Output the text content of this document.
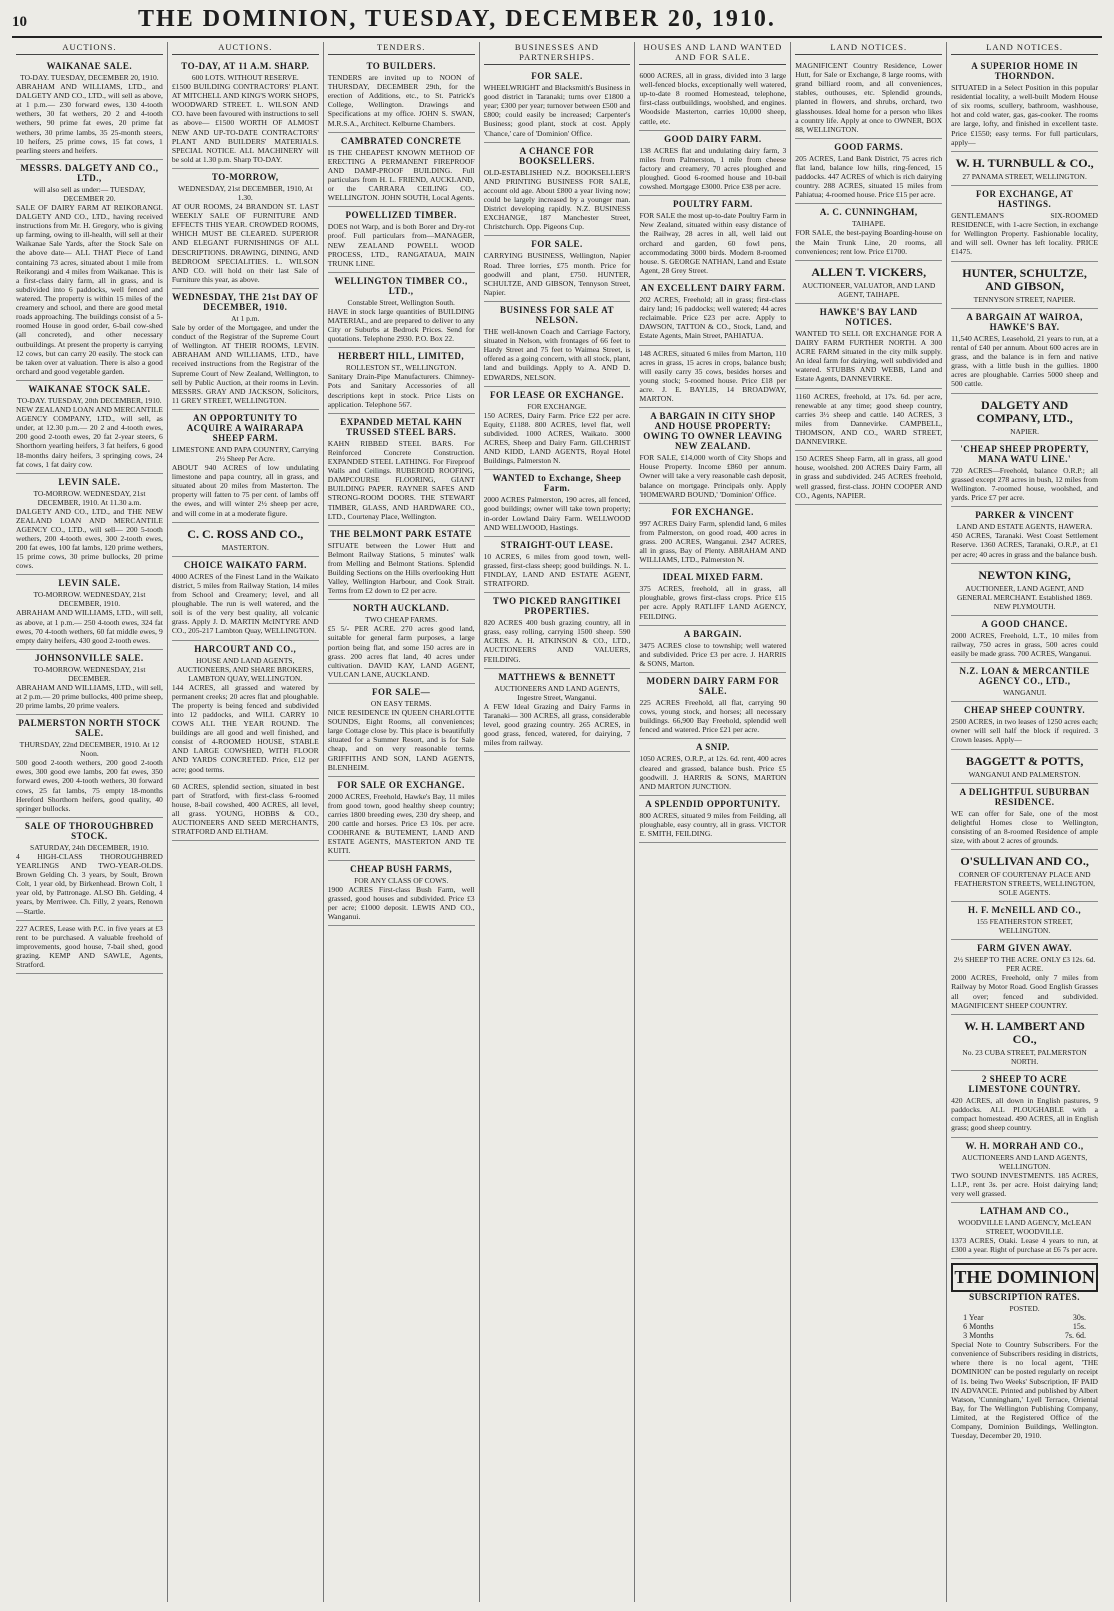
10	THE DOMINION, TUESDAY, DECEMBER 20, 1910.
AUCTIONS.
WAIKANAE SALE.
TO-DAY. TUESDAY, DECEMBER 20, 1910.
ABRAHAM AND WILLIAMS, LTD., and DALGETY AND CO., LTD., will sell as above, at 1 p.m.— 230 forward ewes, 130 4-tooth wethers, 30 fat wethers, 20 2 and 4-tooth wethers, 90 prime fat ewes, 20 prime fat wethers, 30 prime lambs, 35 25-month steers, 10 heifers, 25 prime cows, 15 fat cows, 1 pearling steers and heifers.
MESSRS. DALGETY AND CO., LTD.,
will also sell as under:— TUESDAY, DECEMBER 20.
SALE OF DAIRY FARM AT REIKORANGI. DALGETY AND CO., LTD., having received instructions from Mr. H. Gregory, who is giving up farming, owing to ill-health, will sell at their Waikanae Sale Yards, after the Stock Sale on the above date— ALL THAT Piece of Land containing 73 acres, situated about 1 mile from Reikorangi and 4 miles from Waikanae. This is a first-class dairy farm, all in grass, and is subdivided into 6 paddocks, well fenced and watered. The property is within 15 miles of the creamery and school, and there are good metal roads approaching. The buildings consist of a 5-roomed House in good order, 6-bail cow-shed (all concreted), and other necessary outbuildings. At present the property is carrying 12 cows, but can carry 20 easily. The stock can be taken over at valuation. There is also a good orchard and good vegetable garden.
WAIKANAE STOCK SALE.
TO-DAY. TUESDAY, 20th DECEMBER, 1910.
NEW ZEALAND LOAN AND MERCANTILE AGENCY COMPANY, LTD., will sell, as under, at 12.30 p.m.— 20 2 and 4-tooth ewes, 200 good 2-tooth ewes, 20 fat 2-year steers, 6 Shorthorn yearling heifers, 3 fat heifers, 6 good 18-months dairy heifers, 3 springing cows, 24 fat cows, 1 fat dairy cow.
LEVIN SALE.
TO-MORROW. WEDNESDAY, 21st DECEMBER, 1910. At 11.30 a.m.
DALGETY AND CO., LTD., and THE NEW ZEALAND LOAN AND MERCANTILE AGENCY CO., LTD., will sell— 200 5-tooth wethers, 200 4-tooth ewes, 300 2-tooth ewes, 200 fat ewes, 100 fat lambs, 120 prime wethers, 15 prime cows, 30 prime bullocks, 20 prime cows.
LEVIN SALE.
TO-MORROW. WEDNESDAY, 21st DECEMBER, 1910.
ABRAHAM AND WILLIAMS, LTD., will sell, as above, at 1 p.m.— 250 4-tooth ewes, 324 fat ewes, 70 4-tooth wethers, 60 fat middle ewes, 9 empty dairy heifers, 430 good 2-tooth ewes.
JOHNSONVILLE SALE.
TO-MORROW. WEDNESDAY, 21st DECEMBER.
ABRAHAM AND WILLIAMS, LTD., will sell, at 2 p.m.— 20 prime bullocks, 400 prime sheep, 20 prime lambs, 20 prime vealers.
PALMERSTON NORTH STOCK SALE.
THURSDAY, 22nd DECEMBER, 1910. At 12 Noon.
500 good 2-tooth wethers, 200 good 2-tooth ewes, 300 good ewe lambs, 200 fat ewes, 350 forward ewes, 200 4-tooth wethers, 30 forward cows, 25 fat lambs, 75 empty 18-months Hereford Shorthorn heifers, good quality, 40 springer bullocks.
SALE OF THOROUGHBRED STOCK.
SATURDAY, 24th DECEMBER, 1910.
4 HIGH-CLASS THOROUGHBRED YEARLINGS AND TWO-YEAR-OLDS. Brown Gelding Ch. 3 years, by Soult, Brown Colt, 1 year old, by Birkenhead. Brown Colt, 1 year old, by Pattronage. ALSO Bh. Gelding, 4 years, by Merriwee. Ch. Filly, 2 years, Renown—Startle.
227 ACRES, Lease with P.C. in five years at £3 rent to be purchased. A valuable freehold of improvements, good house, 7-bail shed, good grazing. KEMP AND SAWLE, Agents, Stratford.
AUCTIONS.
TO-DAY, AT 11 A.M. SHARP.
600 LOTS. WITHOUT RESERVE.
£1500 BUILDING CONTRACTORS' PLANT. AT MITCHELL AND KING'S WORK SHOPS, WOODWARD STREET. L. WILSON AND CO. have been favoured with instructions to sell as above— £1500 WORTH OF ALMOST NEW AND UP-TO-DATE CONTRACTORS' PLANT AND BUILDERS' MATERIALS. SPECIAL NOTICE. ALL MACHINERY will be sold at 1.30 p.m. Sharp TO-DAY.
TO-MORROW,
WEDNESDAY, 21st DECEMBER, 1910, At 1.30.
AT OUR ROOMS, 24 BRANDON ST. LAST WEEKLY SALE OF FURNITURE AND EFFECTS THIS YEAR. CROWDED ROOMS, WHICH MUST BE CLEARED. SUPERIOR AND ELEGANT FURNISHINGS OF ALL DESCRIPTIONS. DRAWING, DINING, AND BEDROOM SPECIALITIES. L. WILSON AND CO. will hold on their last Sale of Furniture this year, as above.
WEDNESDAY, THE 21st DAY OF DECEMBER, 1910.
At 1 p.m.
Sale by order of the Mortgagee, and under the conduct of the Registrar of the Supreme Court of Wellington. AT THEIR ROOMS, LEVIN. ABRAHAM AND WILLIAMS, LTD., have received instructions from the Registrar of the Supreme Court of New Zealand, Wellington, to sell by Public Auction, at their rooms in Levin. MESSRS. GRAY AND JACKSON, Solicitors, 11 GREY STREET, WELLINGTON.
AN OPPORTUNITY TO ACQUIRE A WAIRARAPA SHEEP FARM.
LIMESTONE AND PAPA COUNTRY, Carrying 2½ Sheep Per Acre.
ABOUT 940 ACRES of low undulating limestone and papa country, all in grass, and situated about 20 miles from Masterton. The property will fatten to 75 per cent. of lambs off the ewes, and will winter 2½ sheep per acre, and will come in at a moderate figure.
C. C. ROSS AND CO.,
MASTERTON.
CHOICE WAIKATO FARM.
4000 ACRES of the Finest Land in the Waikato district, 5 miles from Railway Station, 14 miles from School and Creamery; level, and all ploughable. The run is well watered, and the soil is of the very best quality, all volcanic grass. Apply J. D. MARTIN McINTYRE AND CO., 205-217 Lambton Quay, WELLINGTON.
HARCOURT AND CO.,
HOUSE AND LAND AGENTS, AUCTIONEERS, AND SHARE BROKERS, LAMBTON QUAY, WELLINGTON.
144 ACRES, all grassed and watered by permanent creeks; 20 acres flat and ploughable. The property is being fenced and subdivided into 12 paddocks, and WILL CARRY 10 COWS ALL THE YEAR ROUND. The buildings are all good and well finished, and consist of 4-ROOMED HOUSE, STABLE AND LARGE COWSHED, WITH FLOOR AND YARDS CONCRETED. Price, £12 per acre; good terms.
60 ACRES, splendid section, situated in best part of Stratford, with first-class 6-roomed house, 8-bail cowshed, 400 ACRES, all level, all grass. YOUNG, HOBBS & CO., AUCTIONEERS AND SEED MERCHANTS, STRATFORD AND ELTHAM.
TENDERS.
TO BUILDERS.
TENDERS are invited up to NOON of THURSDAY, DECEMBER 29th, for the erection of Additions, etc., to St. Patrick's College, Wellington. Drawings and Specifications at my office. JOHN S. SWAN, M.R.S.A., Architect. Kelburne Chambers.
CAMBRATED CONCRETE
IS THE CHEAPEST KNOWN METHOD OF ERECTING A PERMANENT FIREPROOF AND DAMP-PROOF BUILDING. Full particulars from H. L. FRIEND, AUCKLAND, or the CARRARA CEILING CO., WELLINGTON. JOHN SOUTH, Local Agents.
POWELLIZED TIMBER.
DOES not Warp, and is both Borer and Dry-rot proof. Full particulars from—MANAGER, NEW ZEALAND POWELL WOOD PROCESS, LTD., RANGATAUA, MAIN TRUNK LINE.
WELLINGTON TIMBER CO., LTD.,
Constable Street, Wellington South.
HAVE in stock large quantities of BUILDING MATERIAL, and are prepared to deliver to any City or Suburbs at Bedrock Prices. Send for quotations. Telephone 2930. P.O. Box 22.
HERBERT HILL, LIMITED,
ROLLESTON ST., WELLINGTON.
Sanitary Drain-Pipe Manufacturers. Chimney-Pots and Sanitary Accessories of all descriptions kept in stock. Price Lists on application. Telephone 567.
EXPANDED METAL KAHN TRUSSED STEEL BARS.
KAHN RIBBED STEEL BARS. For Reinforced Concrete Construction. EXPANDED STEEL LATHING. For Fireproof Walls and Ceilings. RUBEROID ROOFING, DAMPCOURSE FLOORING, GIANT BUILDING PAPER. RAYNER SAFES AND STRONG-ROOM DOORS. THE STEWART TIMBER, GLASS, AND HARDWARE CO., LTD., Courtenay Place, Wellington.
THE BELMONT PARK ESTATE
SITUATE between the Lower Hutt and Belmont Railway Stations, 5 minutes' walk from Melling and Belmont Stations. Splendid Building Sections on the Hills overlooking Hutt Valley, Wellington Harbour, and Cook Strait. Terms from £2 down to £2 per acre.
NORTH AUCKLAND.
TWO CHEAP FARMS.
£5 5/- PER ACRE. 270 acres good land, suitable for general farm purposes, a large portion being flat, and some 150 acres are in grass. 200 acres flat land, 40 acres under cultivation. DAVID KAY, LAND AGENT, VULCAN LANE, AUCKLAND.
FOR SALE—
ON EASY TERMS.
NICE RESIDENCE IN QUEEN CHARLOTTE SOUNDS, Eight Rooms, all conveniences; large Cottage close by. This place is beautifully situated for a Summer Resort, and is for Sale cheap, and on very reasonable terms. GRIFFITHS AND SON, LAND AGENTS, BLENHEIM.
FOR SALE OR EXCHANGE.
2000 ACRES, Freehold, Hawke's Bay, 11 miles from good town, good healthy sheep country; carries 1800 breeding ewes, 230 dry sheep, and 200 cattle and horses. Price £3 10s. per acre. COOHRANE & BUTEMENT, LAND AND ESTATE AGENTS, MASTERTON AND TE KUITI.
CHEAP BUSH FARMS,
FOR ANY CLASS OF COWS.
1900 ACRES First-class Bush Farm, well grassed, good houses and subdivided. Price £3 per acre; £1000 deposit. LEWIS AND CO., Wanganui.
BUSINESSES AND PARTNERSHIPS.
FOR SALE.
WHEELWRIGHT and Blacksmith's Business in good district in Taranaki; turns over £1800 a year; £300 per year; turnover between £500 and £800; could easily be increased; Carpenter's Business; good plant, stock at cost. Apply 'Chance,' care of 'Dominion' Office.
A CHANCE FOR BOOKSELLERS.
OLD-ESTABLISHED N.Z. BOOKSELLER'S AND PRINTING BUSINESS FOR SALE, account old age. About £800 a year living now; could be largely increased by a younger man. District developing rapidly. N.Z. BUSINESS EXCHANGE, 187 Manchester Street, Christchurch. Opp. Pigeons Cup.
FOR SALE.
CARRYING BUSINESS, Wellington, Napier Road. Three lorries, £75 month. Price for goodwill and plant, £750. HUNTER, SCHULTZE, AND GIBSON, Tennyson Street, Napier.
BUSINESS FOR SALE AT NELSON.
THE well-known Coach and Carriage Factory, situated in Nelson, with frontages of 66 feet to Hardy Street and 75 feet to Waimea Street, is offered as a going concern, with all stock, plant, land and buildings. Apply to A. AND D. EDWARDS, NELSON.
FOR LEASE OR EXCHANGE.
FOR EXCHANGE.
150 ACRES, Dairy Farm. Price £22 per acre. Equity, £1188. 800 ACRES, level flat, well subdivided. 1000 ACRES, Waikato. 3000 ACRES, Sheep and Dairy Farm. GILCHRIST AND KIDD, LAND AGENTS, Royal Hotel Buildings, Palmerston N.
WANTED to Exchange, Sheep Farm.
2000 ACRES Palmerston, 190 acres, all fenced, good buildings; owner will take town property; in-order Lowland Dairy Farm. WELLWOOD AND WELLWOOD, Hastings.
STRAIGHT-OUT LEASE.
10 ACRES, 6 miles from good town, well-grassed, first-class sheep; good buildings. N. L. FINDLAY, LAND AND ESTATE AGENT, STRATFORD.
TWO PICKED RANGITIKEI PROPERTIES.
820 ACRES 400 bush grazing country, all in grass, easy rolling, carrying 1500 sheep. 590 ACRES. A. H. ATKINSON & CO., LTD., AUCTIONEERS AND VALUERS, FEILDING.
MATTHEWS & BENNETT
AUCTIONEERS AND LAND AGENTS, Ingestre Street, Wanganui.
A FEW Ideal Grazing and Dairy Farms in Taranaki— 300 ACRES, all grass, considerable level, good grazing country. 265 ACRES, in good grass, fenced, watered, for dairying, 7 miles from railway.
HOUSES AND LAND WANTED AND FOR SALE.
6000 ACRES, all in grass, divided into 3 large well-fenced blocks, exceptionally well watered, up-to-date 8 roomed Homestead, telephone, first-class outbuildings, woolshed, and engines. Woodside Masterton, carries 10,000 sheep, cattle, etc.
GOOD DAIRY FARM.
138 ACRES flat and undulating dairy farm, 3 miles from Palmerston, 1 mile from cheese factory and creamery, 70 acres ploughed and ploughed. Good 6-roomed house and 10-bail cowshed. Mortgage £3000. Price £38 per acre.
POULTRY FARM.
FOR SALE the most up-to-date Poultry Farm in New Zealand, situated within easy distance of the Railway, 28 acres in all, well laid out orchard and garden, 60 fowl pens, accommodating 3000 birds. Modern 8-roomed house. S. GEORGE NATHAN, Land and Estate Agent, 28 Grey Street.
AN EXCELLENT DAIRY FARM.
202 ACRES, Freehold; all in grass; first-class dairy land; 16 paddocks; well watered; 44 acres reclaimable. Price £23 per acre. Apply to DAWSON, TATTON & CO., Stock, Land, and Estate Agents, Main Street, PAHIATUA.
148 ACRES, situated 6 miles from Marton, 110 acres in grass, 15 acres in crops, balance bush; will easily carry 35 cows, besides horses and young stock; 5-roomed house. Price £18 per acre. J. E. BAYLIS, 14 BROADWAY, MARTON.
A BARGAIN IN CITY SHOP AND HOUSE PROPERTY: OWING TO OWNER LEAVING NEW ZEALAND.
FOR SALE, £14,000 worth of City Shops and House Property. Income £860 per annum. Owner will take a very reasonable cash deposit, balance on mortgage. Principals only. Apply 'HOMEWARD BOUND,' 'Dominion' Office.
FOR EXCHANGE.
997 ACRES Dairy Farm, splendid land, 6 miles from Palmerston, on good road, 400 acres in grass. 200 ACRES, Wanganui. 2347 ACRES, all in grass, Bay of Plenty. ABRAHAM AND WILLIAMS, LTD., Palmerston N.
IDEAL MIXED FARM.
375 ACRES, freehold, all in grass, all ploughable, grows first-class crops. Price £15 per acre. Apply RATLIFF LAND AGENCY, FEILDING.
A BARGAIN.
3475 ACRES close to township; well watered and subdivided. Price £3 per acre. J. HARRIS & SONS, Marton.
MODERN DAIRY FARM FOR SALE.
225 ACRES Freehold, all flat, carrying 90 cows, young stock, and horses; all necessary buildings. 66,900 Bay Freehold, splendid well fenced and watered. Price £21 per acre.
A SNIP.
1050 ACRES, O.R.P., at 12s. 6d. rent, 400 acres cleared and grassed, balance bush. Price £5 goodwill. J. HARRIS & SONS, MARTON AND MARTON JUNCTION.
A SPLENDID OPPORTUNITY.
800 ACRES, situated 9 miles from Feilding, all ploughable, easy country, all in grass. VICTOR E. SMITH, FEILDING.
LAND NOTICES.
MAGNIFICENT Country Residence, Lower Hutt, for Sale or Exchange, 8 large rooms, with grand billiard room, and all conveniences, stables, outhouses, etc. Splendid grounds, planted in flowers, and shrubs, orchard, two glasshouses. Ideal home for a person who likes a country life. Apply at once to OWNER, BOX 88, WELLINGTON.
GOOD FARMS.
205 ACRES, Land Bank District, 75 acres rich flat land, balance low hills, ring-fenced, 15 paddocks. 447 ACRES of which is rich dairying country. 288 ACRES, situated 15 miles from Pahiatua; 4-roomed house. Price £15 per acre.
A. C. CUNNINGHAM,
TAIHAPE.
FOR SALE, the best-paying Boarding-house on the Main Trunk Line, 20 rooms, all conveniences; rent low. Price £1700.
ALLEN T. VICKERS,
AUCTIONEER, VALUATOR, AND LAND AGENT, TAIHAPE.
HAWKE'S BAY LAND NOTICES.
WANTED TO SELL OR EXCHANGE FOR A DAIRY FARM FURTHER NORTH. A 300 ACRE FARM situated in the city milk supply. An ideal farm for dairying, well subdivided and watered. STUBBS AND WEBB, Land and Estate Agents, DANNEVIRKE.
1160 ACRES, freehold, at 17s. 6d. per acre, renewable at any time; good sheep country, carries 3½ sheep and cattle. 140 ACRES, 3 miles from Dannevirke. CAMPBELL, THOMSON, AND CO., WARD STREET, DANNEVIRKE.
150 ACRES Sheep Farm, all in grass, all good house, woolshed. 200 ACRES Dairy Farm, all in grass and subdivided. 245 ACRES freehold, well grassed, first-class. JOHN COOPER AND CO., Agents, NAPIER.
LAND NOTICES.
A SUPERIOR HOME IN THORNDON.
SITUATED in a Select Position in this popular residential locality, a well-built Modern House of six rooms, scullery, bathroom, washhouse, hot and cold water, gas, gas-cooker. The rooms are large, lofty, and finished in excellent taste. Price £1550; easy terms. For full particulars, apply—
W. H. TURNBULL & CO.,
27 PANAMA STREET, WELLINGTON.
FOR EXCHANGE, AT HASTINGS.
GENTLEMAN'S SIX-ROOMED RESIDENCE, with 1-acre Section, in exchange for Wellington Property. Fashionable locality, and will sell. Owner has left locality. PRICE £1475.
HUNTER, SCHULTZE, AND GIBSON,
TENNYSON STREET, NAPIER.
A BARGAIN AT WAIROA, HAWKE'S BAY.
11,540 ACRES, Leasehold, 21 years to run, at a rental of £40 per annum. About 600 acres are in grass, and the balance is in fern and native grass, with a little bush in the gullies. 1800 acres are ploughable. Carries 5000 sheep and 500 cattle.
DALGETY AND COMPANY, LTD.,
NAPIER.
'CHEAP SHEEP PROPERTY, MANA WATU LINE.'
720 ACRES—Freehold, balance O.R.P.; all grassed except 278 acres in bush, 12 miles from Wellington. 7-roomed house, woolshed, and yards. Price £7 per acre.
PARKER & VINCENT
LAND AND ESTATE AGENTS, HAWERA.
450 ACRES, Taranaki. West Coast Settlement Reserve. 1360 ACRES, Taranaki, O.R.P., at £1 per acre; 40 acres in grass and the balance bush.
NEWTON KING,
AUCTIONEER, LAND AGENT, AND GENERAL MERCHANT. Established 1869. NEW PLYMOUTH.
A GOOD CHANCE.
2000 ACRES, Freehold, L.T., 10 miles from railway, 750 acres in grass, 500 acres could easily be made grass. 700 ACRES, Wanganui.
N.Z. LOAN & MERCANTILE AGENCY CO., LTD.,
WANGANUI.
CHEAP SHEEP COUNTRY.
2500 ACRES, in two leases of 1250 acres each; owner will sell half the block if required. 3 Crown leases. Apply—
BAGGETT & POTTS,
WANGANUI AND PALMERSTON.
A DELIGHTFUL SUBURBAN RESIDENCE.
WE can offer for Sale, one of the most delightful Homes close to Wellington, consisting of an 8-roomed Residence of ample size, with about 2 acres of grounds.
O'SULLIVAN AND CO.,
CORNER OF COURTENAY PLACE AND FEATHERSTON STREETS, WELLINGTON, SOLE AGENTS.
H. F. McNEILL AND CO.,
155 FEATHERSTON STREET, WELLINGTON.
FARM GIVEN AWAY.
2½ SHEEP TO THE ACRE. ONLY £3 12s. 6d. PER ACRE.
2000 ACRES, Freehold, only 7 miles from Railway by Motor Road. Good English Grasses all over; fenced and subdivided. MAGNIFICENT SHEEP COUNTRY.
W. H. LAMBERT AND CO.,
No. 23 CUBA STREET, PALMERSTON NORTH.
2 SHEEP TO ACRE LIMESTONE COUNTRY.
420 ACRES, all down in English pastures, 9 paddocks. ALL PLOUGHABLE with a compact homestead. 490 ACRES, all in English grass; good sheep country.
W. H. MORRAH AND CO.,
AUCTIONEERS AND LAND AGENTS, WELLINGTON.
TWO SOUND INVESTMENTS. 185 ACRES, L.I.P., rent 3s. per acre. Hoist dairying land; very well grassed.
LATHAM AND CO.,
WOODVILLE LAND AGENCY, McLEAN STREET, WOODVILLE.
1373 ACRES, Otaki. Lease 4 years to run, at £300 a year. Right of purchase at £6 7s per acre.
THE DOMINION
SUBSCRIPTION RATES.
POSTED.
1 Year	30s.
6 Months	15s.
3 Months	7s. 6d.
Special Note to Country Subscribers. For the convenience of Subscribers residing in districts, where there is no local agent, 'THE DOMINION' can be posted regularly on receipt of 1s. being Two Weeks' Subscription, IF PAID IN ADVANCE. Printed and published by Albert Watson, 'Cunningham,' Lyell Terrace, Oriental Bay, for The Wellington Publishing Company, Limited, at the Registered Office of the Company, Dominion Buildings, Wellington. Tuesday, December 20, 1910.
